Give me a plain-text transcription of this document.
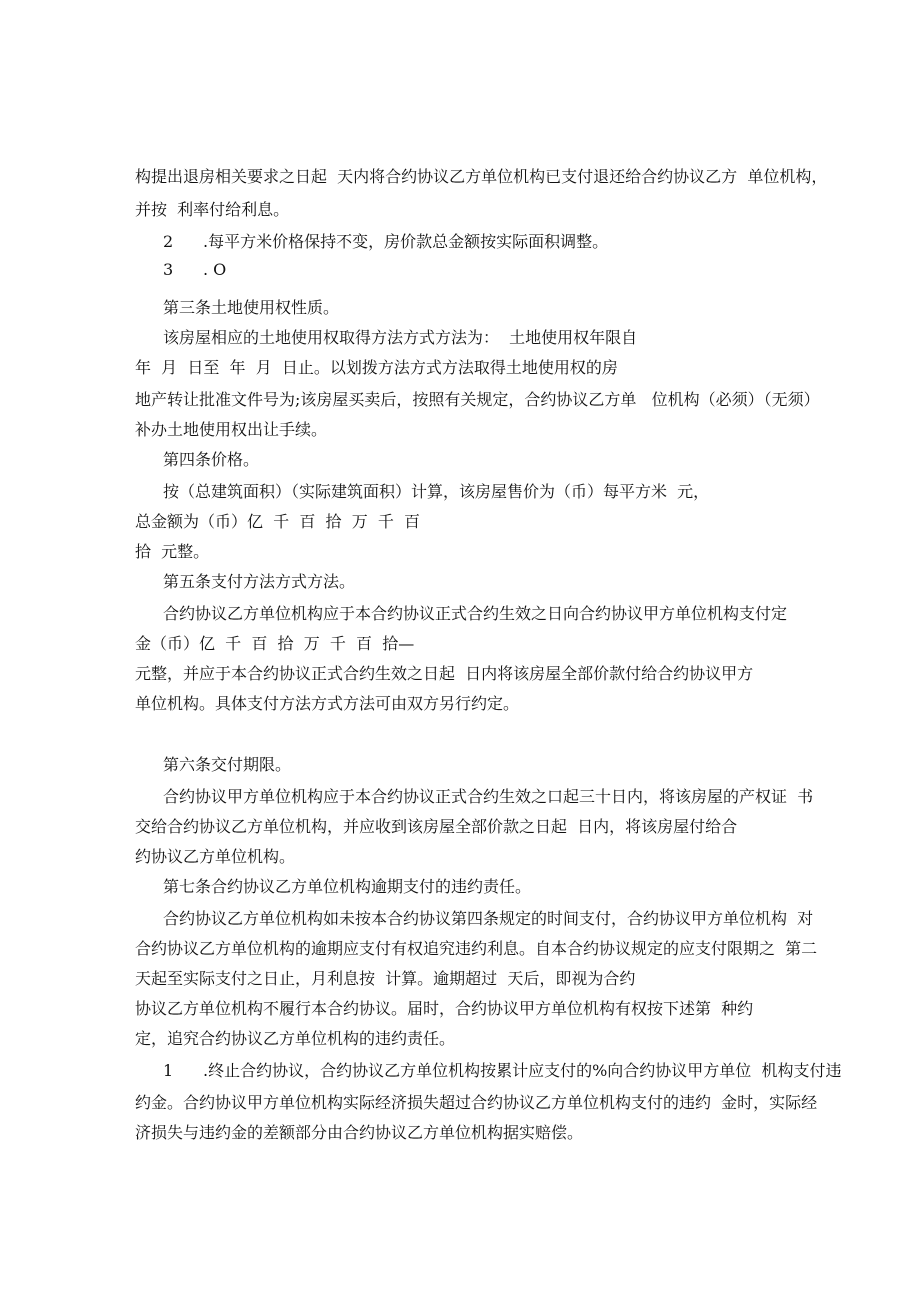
构提出退房相关要求之日起  天内将合约协议乙方单位机构已支付退还给合约协议乙方  单位机构，
并按  利率付给利息。
2 .每平方米价格保持不变，房价款总金额按实际面积调整。
3 . O
第三条土地使用权性质。
该房屋相应的土地使用权取得方法方式方法为：  土地使用权年限自
年  月  日至  年  月  日止。以划拨方法方式方法取得土地使用权的房
地产转让批准文件号为;该房屋买卖后，按照有关规定，合约协议乙方单   位机构（必须）（无须）
补办土地使用权出让手续。
第四条价格。
按（总建筑面积）（实际建筑面积）计算，该房屋售价为（币）每平方米  元，
总金额为（币）亿  千  百  拾  万  千  百
拾  元整。
第五条支付方法方式方法。
合约协议乙方单位机构应于本合约协议正式合约生效之日向合约协议甲方单位机构支付定
金（币）亿  千  百  拾  万  千  百  拾—
元整，并应于本合约协议正式合约生效之日起  日内将该房屋全部价款付给合约协议甲方
单位机构。具体支付方法方式方法可由双方另行约定。
第六条交付期限。
合约协议甲方单位机构应于本合约协议正式合约生效之口起三十日内，将该房屋的产权证  书
交给合约协议乙方单位机构，并应收到该房屋全部价款之日起  日内，将该房屋付给合
约协议乙方单位机构。
第七条合约协议乙方单位机构逾期支付的违约责任。
合约协议乙方单位机构如未按本合约协议第四条规定的时间支付，合约协议甲方单位机构  对
合约协议乙方单位机构的逾期应支付有权追究违约利息。自本合约协议规定的应支付限期之  第二
天起至实际支付之日止，月利息按  计算。逾期超过  天后，即视为合约
协议乙方单位机构不履行本合约协议。届时，合约协议甲方单位机构有权按下述第  种约
定，追究合约协议乙方单位机构的违约责任。
1 .终止合约协议，合约协议乙方单位机构按累计应支付的%向合约协议甲方单位  机构支付违
约金。合约协议甲方单位机构实际经济损失超过合约协议乙方单位机构支付的违约  金时，实际经
济损失与违约金的差额部分由合约协议乙方单位机构据实赔偿。
